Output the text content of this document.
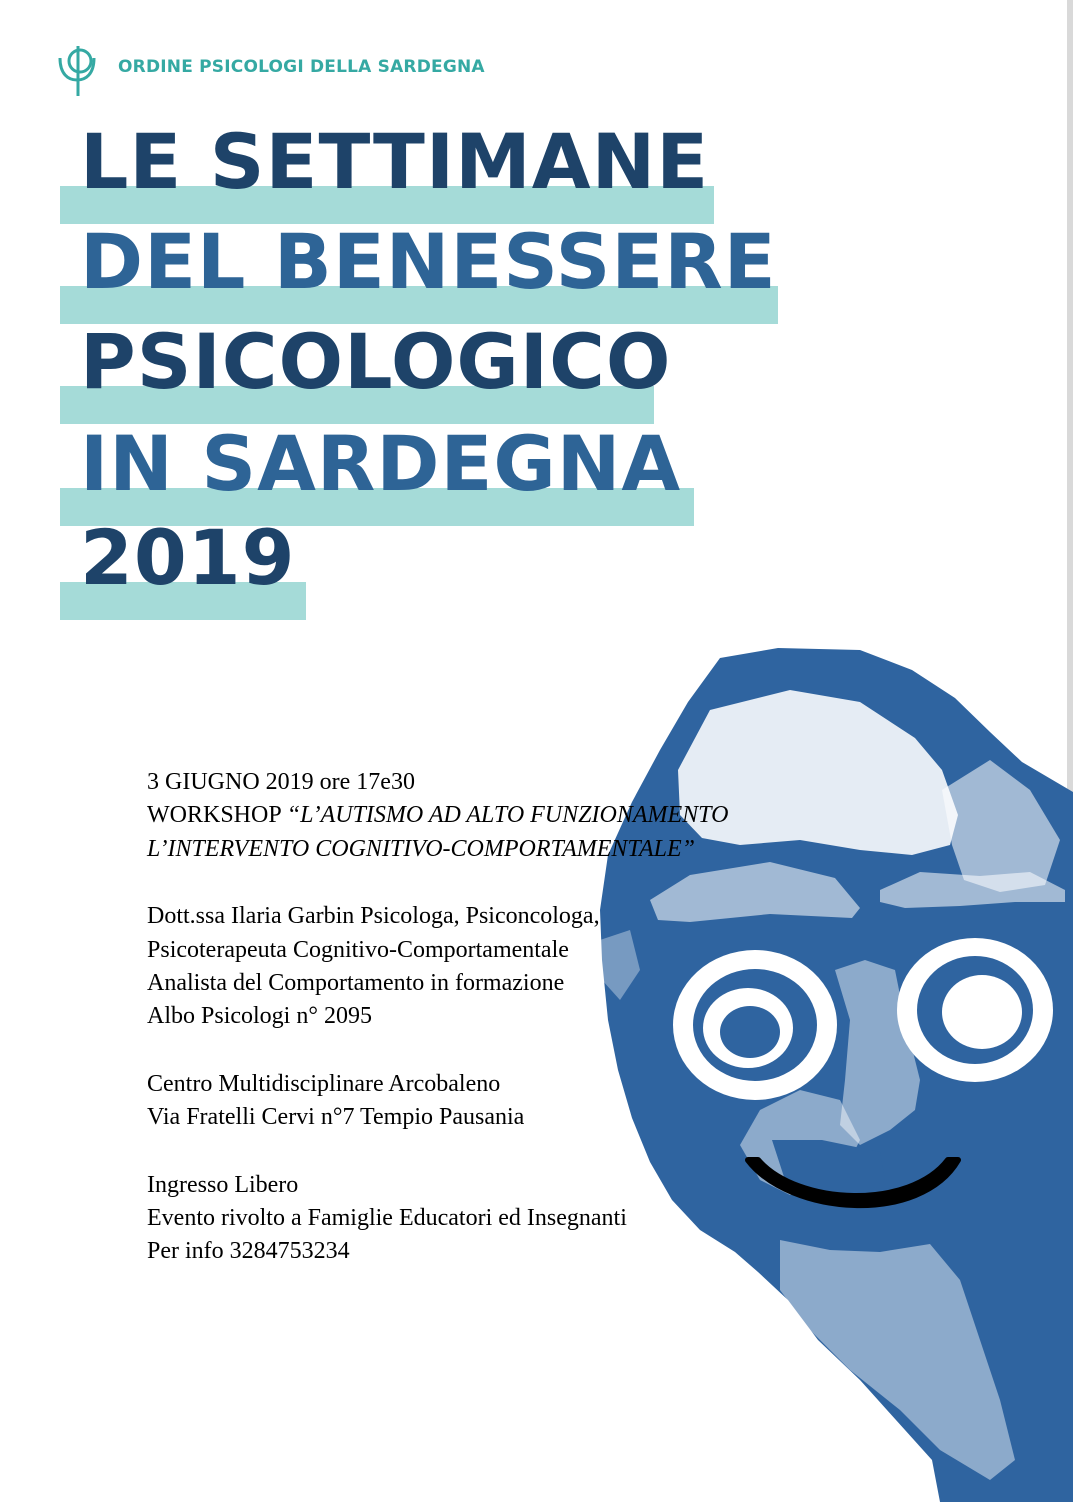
ORDINE PSICOLOGI DELLA SARDEGNA
LE SETTIMANE
DEL BENESSERE
PSICOLOGICO
IN SARDEGNA
2019
3 GIUGNO 2019 ore 17e30
WORKSHOP “L’AUTISMO AD ALTO FUNZIONAMENTO
L’INTERVENTO COGNITIVO-COMPORTAMENTALE”
Dott.ssa Ilaria Garbin Psicologa, Psiconcologa,
Psicoterapeuta Cognitivo-Comportamentale
Analista del Comportamento in formazione
Albo Psicologi n° 2095
Centro Multidisciplinare Arcobaleno
Via Fratelli Cervi n°7 Tempio Pausania
Ingresso Libero
Evento rivolto a Famiglie Educatori ed Insegnanti
Per info 3284753234
